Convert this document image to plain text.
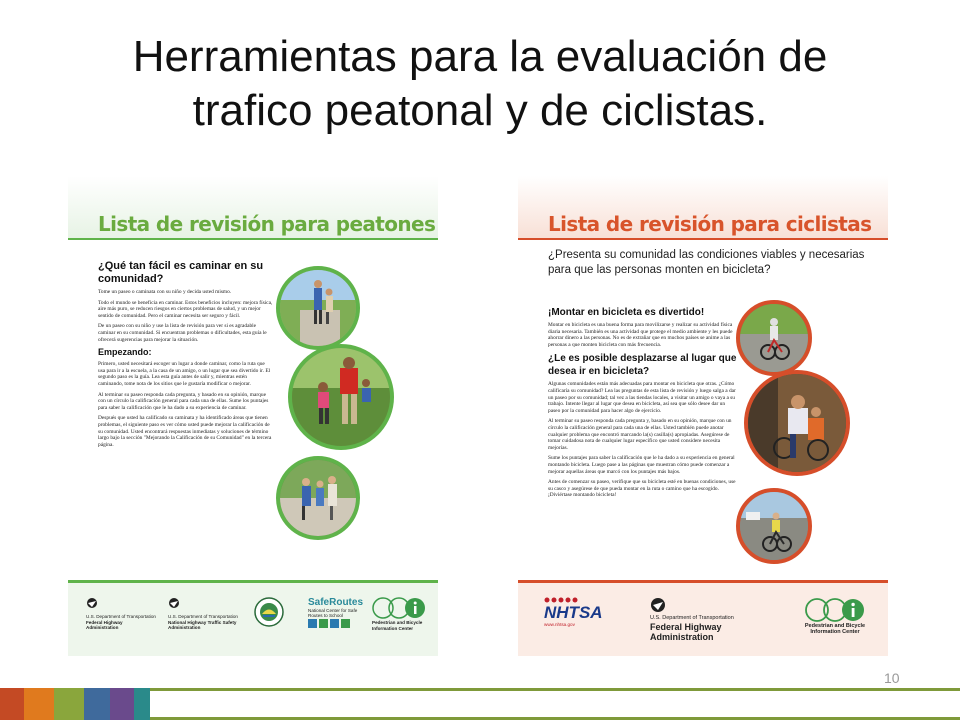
Herramientas para la evaluación de
trafico peatonal y de ciclistas.
Lista de revisión para peatones
¿Qué tan fácil es caminar en su comunidad?

Tome un paseo o caminata con su niño y decida usted mismo.

Todo el mundo se beneficia en caminar. Estos beneficios incluyen: mejora física, aire más puro, se reducen riesgos en ciertos problemas de salud, y un mejor sentido de comunidad. Pero el caminar necesita ser seguro y fácil.

De un paseo con su niño y use la lista de revisión para ver si es agradable caminar en su comunidad. Si encuentran problemas o dificultades, esta guía le ofrecerá sugerencias para mejorar la situación.

Empezando:

Primero, usted necesitará escoger un lugar a donde caminar, como la ruta que usa para ir a la escuela, a la casa de un amigo, o un lugar que sea divertido ir. El segundo paso es la guía. Lea esta guía antes de salir y, mientras estén caminando, tome nota de los sitios que le gustaría modificar o mejorar.

Al terminar su paseo responda cada pregunta, y basado en su opinión, marque con un círculo la calificación general para cada una de ellas. Sume los puntajes para saber la calificación que le ha dado a su experiencia de caminar.

Después que usted ha calificado su caminata y ha identificado áreas que tienen problemas, el siguiente paso es ver cómo usted puede mejorar la calificación de su comunidad. Usted encontrará respuestas inmediatas y soluciones de término largo bajo la sección "Mejorando la Calificación de su Comunidad" en la tercera página.

U.S. Department of Transportation
Federal Highway Administration
U.S. Department of Transportation
National Highway Traffic Safety Administration
SafeRoutes
National Center for Safe Routes to School
Pedestrian and Bicycle
Information Center
Lista de revisión para ciclistas
¿Presenta su comunidad las condiciones viables y necesarias para que las personas monten en bicicleta?
¡Montar en bicicleta es divertido!

Montar en bicicleta es una buena forma para movilizarse y realizar su actividad física diaria necesaria. También es una actividad que protege el medio ambiente y les puede ahorrar dinero a las personas. No es de extrañar que en muchos países se anime a las personas a que monten bicicleta con más frecuencia.

¿Le es posible desplazarse al lugar que desea ir en bicicleta?

Algunas comunidades están más adecuadas para montar en bicicleta que otras. ¿Cómo calificaría su comunidad? Lea las preguntas de esta lista de revisión y luego salga a dar un paseo por su comunidad; tal vez a las tiendas locales, a visitar un amigo o vaya a su trabajo. Intente llegar al lugar que desea en bicicleta, así sea que sólo desee dar un paseo por la comunidad para hacer algo de ejercicio.

Al terminar su paseo responda cada pregunta y, basado en su opinión, marque con un círculo la calificación general para cada una de ellas. Usted también puede anotar cualquier problema que encontró marcando la(s) casilla(s) apropiadas. Asegúrese de tomar cuidadosa nota de cualquier lugar específico que usted considere necesita mejorías.

Sume los puntajes para saber la calificación que le ha dado a su experiencia en general montando bicicleta. Luego pase a las páginas que muestran cómo puede comenzar a mejorar aquellas áreas que marcó con los puntajes más bajos.

Antes de comenzar su paseo, verifique que su bicicleta esté en buenas condiciones, use su casco y asegúrese de que pueda montar en la ruta o camino que ha escogido. ¡Diviértase montando bicicleta!

NHTSA
www.nhtsa.gov
U.S. Department of Transportation
Federal Highway Administration
Pedestrian and Bicycle
Information Center
10
